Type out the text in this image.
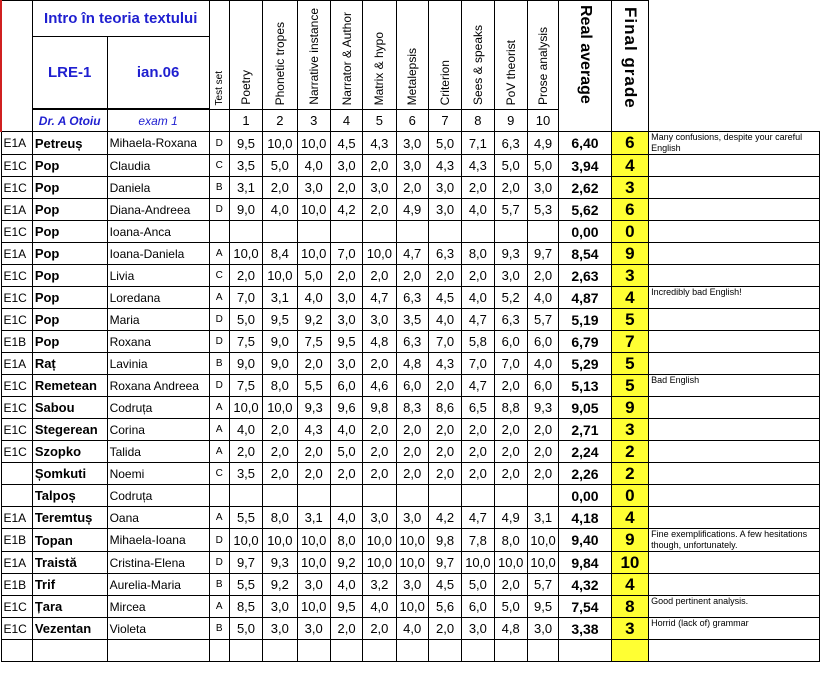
	Intro în teoria textului		Test set	Poetry	Phonetic tropes	Narrative instance	Narrator & Author	Matrix & hypo	Metalepsis	Criterion	Sees & speaks	PoV theorist	Prose analysis	Real average	Final grade	

	LRE-1	ian.06														

	Dr. A Otoiu	exam 1		1	2	3	4	5	6	7	8	9	10			
E1A	Petreuș	Mihaela-Roxana	D	9,5	10,0	10,0	4,5	4,3	3,0	5,0	7,1	6,3	4,9	6,40	6	Many confusions, despite your careful English
E1C	Pop	Claudia	C	3,5	5,0	4,0	3,0	2,0	3,0	4,3	4,3	5,0	5,0	3,94	4	
E1C	Pop	Daniela	B	3,1	2,0	3,0	2,0	3,0	2,0	3,0	2,0	2,0	3,0	2,62	3	
E1A	Pop	Diana-Andreea	D	9,0	4,0	10,0	4,2	2,0	4,9	3,0	4,0	5,7	5,3	5,62	6	
E1C	Pop	Ioana-Anca												0,00	0	
E1A	Pop	Ioana-Daniela	A	10,0	8,4	10,0	7,0	10,0	4,7	6,3	8,0	9,3	9,7	8,54	9	
E1C	Pop	Livia	C	2,0	10,0	5,0	2,0	2,0	2,0	2,0	2,0	3,0	2,0	2,63	3	
E1C	Pop	Loredana	A	7,0	3,1	4,0	3,0	4,7	6,3	4,5	4,0	5,2	4,0	4,87	4	Incredibly bad English!
E1C	Pop	Maria	D	5,0	9,5	9,2	3,0	3,0	3,5	4,0	4,7	6,3	5,7	5,19	5	
E1B	Pop	Roxana	D	7,5	9,0	7,5	9,5	4,8	6,3	7,0	5,8	6,0	6,0	6,79	7	
E1A	Raț	Lavinia	B	9,0	9,0	2,0	3,0	2,0	4,8	4,3	7,0	7,0	4,0	5,29	5	
E1C	Remetean	Roxana Andreea	D	7,5	8,0	5,5	6,0	4,6	6,0	2,0	4,7	2,0	6,0	5,13	5	Bad English
E1C	Sabou	Codruța	A	10,0	10,0	9,3	9,6	9,8	8,3	8,6	6,5	8,8	9,3	9,05	9	
E1C	Stegerean	Corina	A	4,0	2,0	4,3	4,0	2,0	2,0	2,0	2,0	2,0	2,0	2,71	3	
E1C	Szopko	Talida	A	2,0	2,0	2,0	5,0	2,0	2,0	2,0	2,0	2,0	2,0	2,24	2	
	Șomkuti	Noemi	C	3,5	2,0	2,0	2,0	2,0	2,0	2,0	2,0	2,0	2,0	2,26	2	
	Talpoș	Codruța												0,00	0	
E1A	Teremtuș	Oana	A	5,5	8,0	3,1	4,0	3,0	3,0	4,2	4,7	4,9	3,1	4,18	4	
E1B	Topan	Mihaela-Ioana	D	10,0	10,0	10,0	8,0	10,0	10,0	9,8	7,8	8,0	10,0	9,40	9	Fine exemplifications. A few hesitations though, unfortunately.
E1A	Traistă	Cristina-Elena	D	9,7	9,3	10,0	9,2	10,0	10,0	9,7	10,0	10,0	10,0	9,84	10	
E1B	Trif	Aurelia-Maria	B	5,5	9,2	3,0	4,0	3,2	3,0	4,5	5,0	2,0	5,7	4,32	4	
E1C	Țara	Mircea	A	8,5	3,0	10,0	9,5	4,0	10,0	5,6	6,0	5,0	9,5	7,54	8	Good pertinent analysis.
E1C	Vezentan	Violeta	B	5,0	3,0	3,0	2,0	2,0	4,0	2,0	3,0	4,8	3,0	3,38	3	Horrid (lack of) grammar
